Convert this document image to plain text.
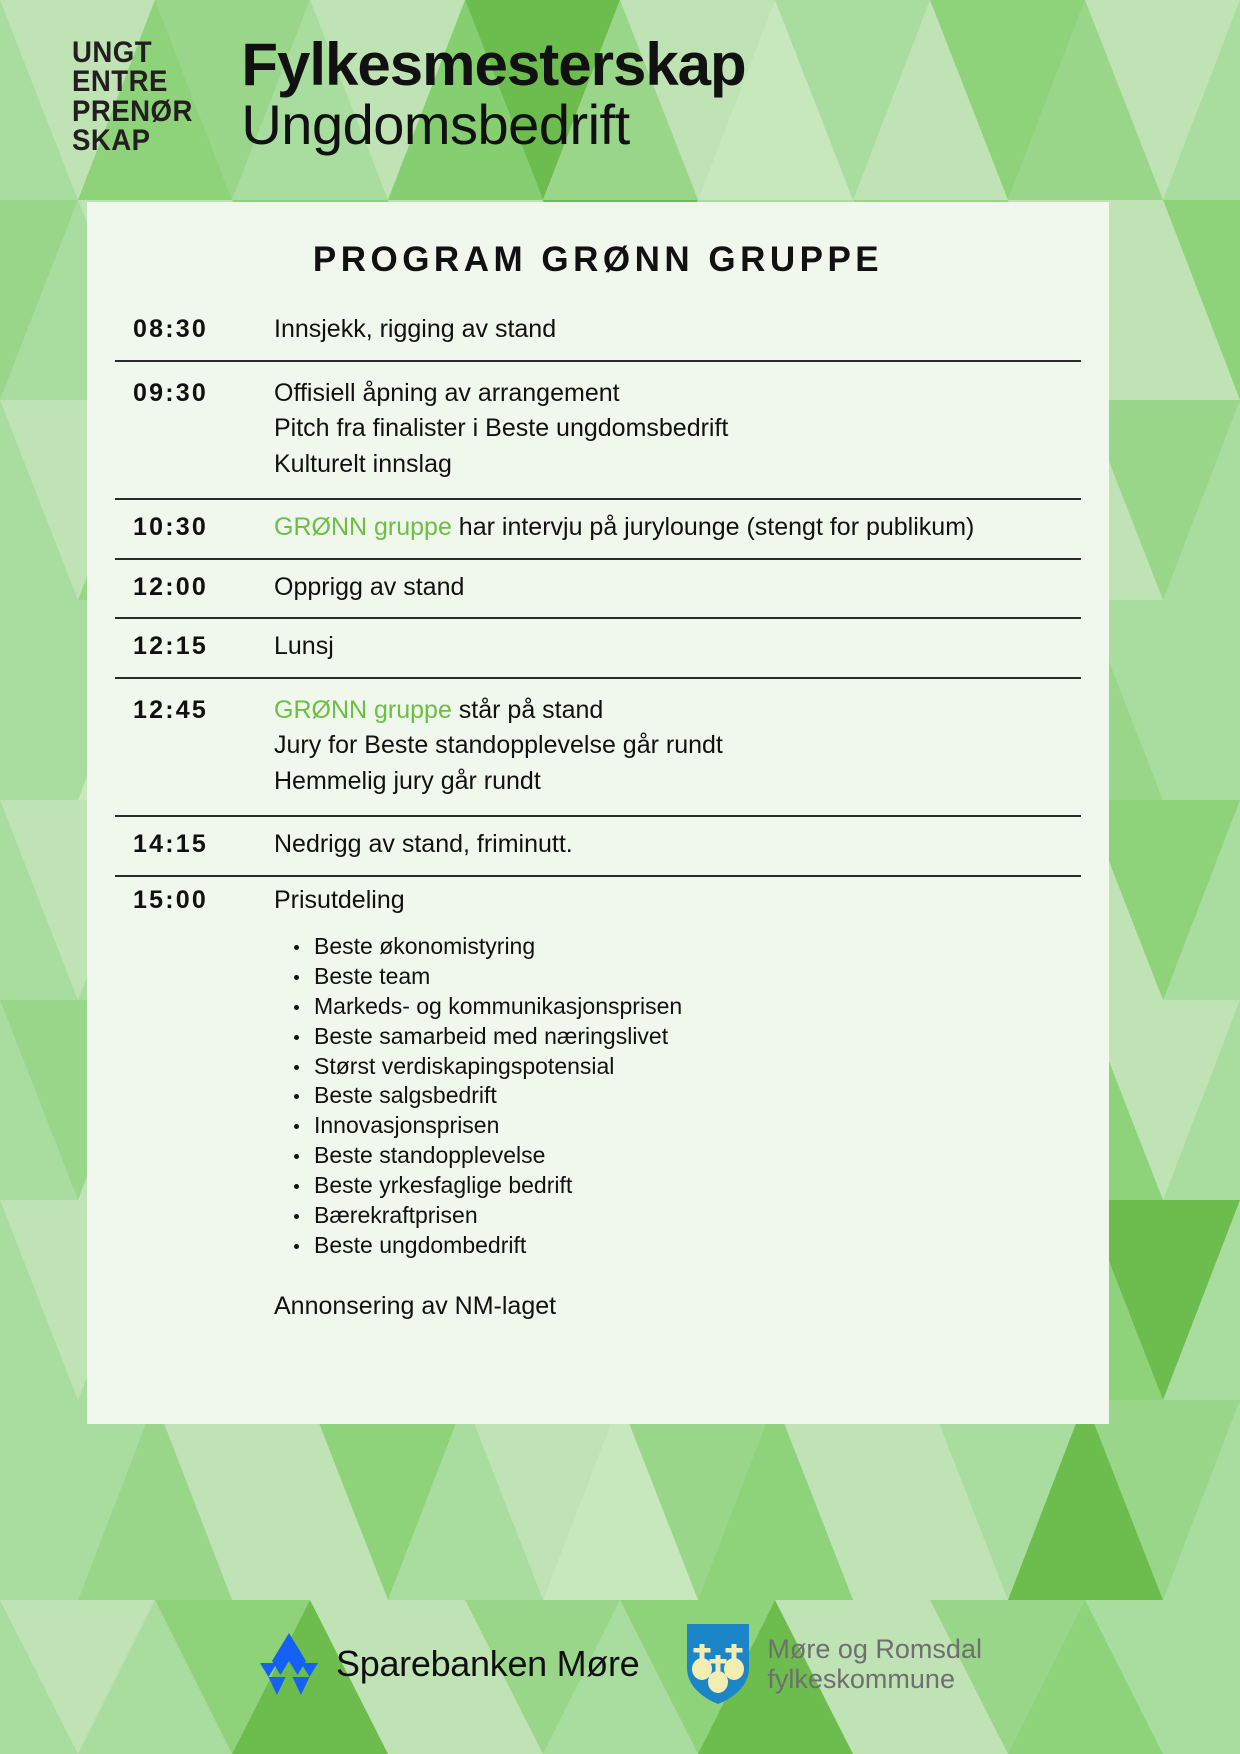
UNGT
ENTRE
PRENØR
SKAP
Fylkesmesterskap
Ungdomsbedrift
PROGRAM GRØNN GRUPPE
08:30	Innsjekk, rigging av stand
09:30	Offisiell åpning av arrangement
Pitch fra finalister i Beste ungdomsbedrift
Kulturelt innslag
10:30	GRØNN gruppe har intervju på jurylounge (stengt for publikum)
12:00	Opprigg av stand
12:15	Lunsj
12:45	GRØNN gruppe står på stand
Jury for Beste standopplevelse går rundt
Hemmelig jury går rundt
14:15	Nedrigg av stand, friminutt.
15:00	Prisutdeling
Beste økonomistyring
Beste team
Markeds- og kommunikasjonsprisen
Beste samarbeid med næringslivet
Størst verdiskapingspotensial
Beste salgsbedrift
Innovasjonsprisen
Beste standopplevelse
Beste yrkesfaglige bedrift
Bærekraftprisen
Beste ungdombedrift
Annonsering av NM-laget
Sparebanken Møre	Møre og Romsdal
fylkeskommune
